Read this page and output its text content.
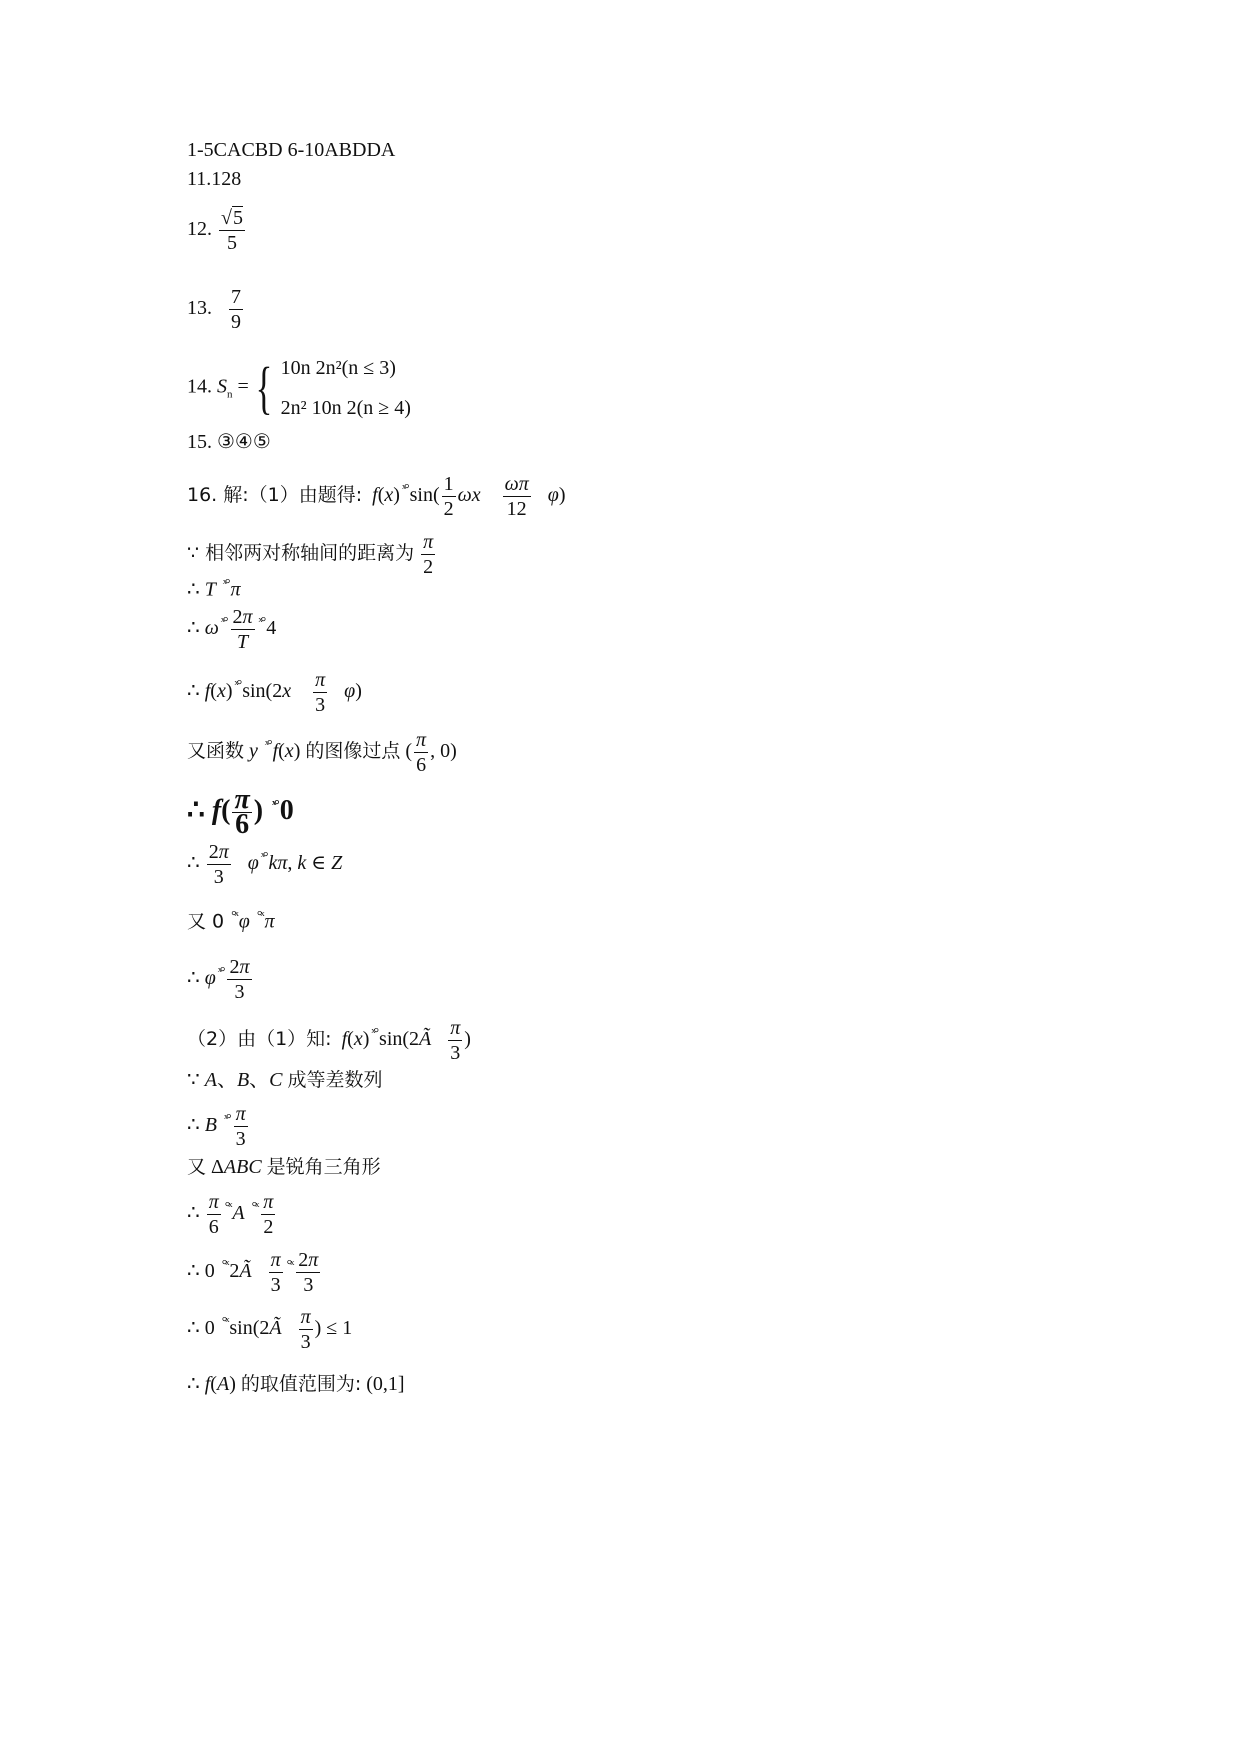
1-5CACBD 6-10ABDDA
11.128
12. $\frac{√5}{5}$
13. $\frac{7}{9}$
14. $S_n$ = { 10n 2n²(n ≤ 3)
2n² 10n 2(n ≥ 4)
15. ③④⑤
16. 解:（1）由题得: f(x) $^{ˣ^\circ}$ $\sin( \frac{1}{2}$ ωx $\frac{\omega\pi}{12} \varphi$)
∵ 相邻两对称轴间的距离为 $\frac{\pi}{2}$
∴ T $^{ˣ^\circ}$ π
∴ ω $^{ˣ^\circ} \frac{2\pi}{T} ^{ˣ^\circ}$ 4
∴ f(x) $^{ˣ^\circ}$ $\sin(2x \frac{\pi}{3} \varphi)$
又函数 y $^{ˣ^\circ}$ f(x) 的图像过点 ( $\frac{\pi}{6}$ , 0)
∴ $f( \frac{\pi}{6}$ ) $^{ˣ^\circ}$0
∴ $\frac{2\pi}{3}$ φ $^{ˣ^\circ}$ kπ, k ∈ Z
又 0 $^{^\circ ˣ}$ φ $^{^\circ ˣ}$ π
∴ φ $^{ˣ^\circ} \frac{2\pi}{3}$
（2）由（1）知: f(x) $^{ˣ^\circ}$ sin(2Ã $\frac{\pi}{3}$ )
∵ A、B、C 成等差数列
∴ B $^{ˣ^\circ} \frac{\pi}{3}$
又 ΔABC 是锐角三角形
∴ $\frac{\pi}{6} ^{^\circ ˣ}$ A $^{^\circ ˣ} \frac{\pi}{2}$
∴ 0 $^{^\circ ˣ}$ 2Ã $\frac{\pi}{3} ^{^\circ ˣ} \frac{2\pi}{3}$
∴ 0 $^{^\circ ˣ}$ sin(2Ã $\frac{\pi}{3}$ ) ≤ 1
∴ f(A) 的取值范围为: (0,1]
